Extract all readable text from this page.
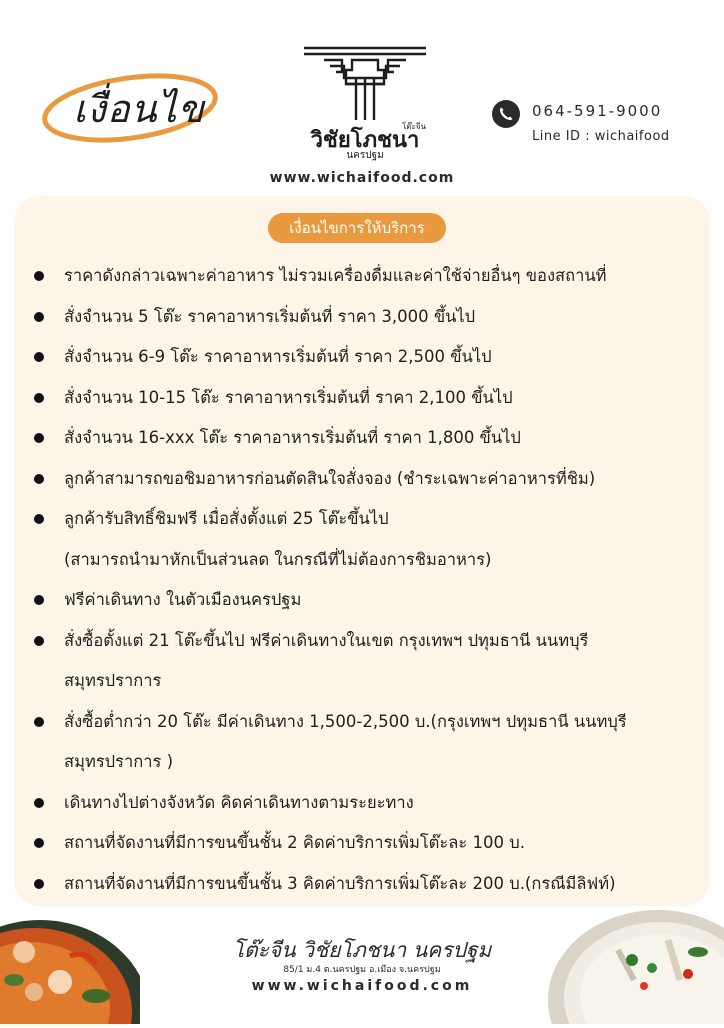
เงื่อนไข
วิชัยโภชนา
โต๊ะจีน
นครปฐม
www.wichaifood.com
064-591-9000
Line ID : wichaifood
เงื่อนไขการให้บริการ
ราคาดังกล่าวเฉพาะค่าอาหาร ไม่รวมเครื่องดื่มและค่าใช้จ่ายอื่นๆ ของสถานที่
สั่งจำนวน 5 โต๊ะ ราคาอาหารเริ่มต้นที่ ราคา 3,000 ขึ้นไป
สั่งจำนวน 6-9 โต๊ะ ราคาอาหารเริ่มต้นที่ ราคา 2,500 ขึ้นไป
สั่งจำนวน 10-15 โต๊ะ ราคาอาหารเริ่มต้นที่ ราคา 2,100 ขึ้นไป
สั่งจำนวน 16-xxx โต๊ะ ราคาอาหารเริ่มต้นที่ ราคา 1,800 ขึ้นไป
ลูกค้าสามารถขอชิมอาหารก่อนตัดสินใจสั่งจอง (ชำระเฉพาะค่าอาหารที่ชิม)
ลูกค้ารับสิทธิ์ชิมฟรี เมื่อสั่งตั้งแต่ 25 โต๊ะขึ้นไป
(สามารถนำมาหักเป็นส่วนลด ในกรณีที่ไม่ต้องการชิมอาหาร)
ฟรีค่าเดินทาง ในตัวเมืองนครปฐม
สั่งซื้อตั้งแต่ 21 โต๊ะขึ้นไป ฟรีค่าเดินทางในเขต กรุงเทพฯ ปทุมธานี นนทบุรี
สมุทรปราการ
สั่งซื้อต่ำกว่า 20 โต๊ะ มีค่าเดินทาง 1,500-2,500 บ.(กรุงเทพฯ ปทุมธานี นนทบุรี
สมุทรปราการ )
เดินทางไปต่างจังหวัด คิดค่าเดินทางตามระยะทาง
สถานที่จัดงานที่มีการขนขึ้นชั้น 2 คิดค่าบริการเพิ่มโต๊ะละ 100 บ.
สถานที่จัดงานที่มีการขนขึ้นชั้น 3 คิดค่าบริการเพิ่มโต๊ะละ 200 บ.(กรณีมีลิฟท์)
โต๊ะจีน วิชัยโภชนา นครปฐม
85/1 ม.4 ต.นครปฐม อ.เมือง จ.นครปฐม
www.wichaifood.com
